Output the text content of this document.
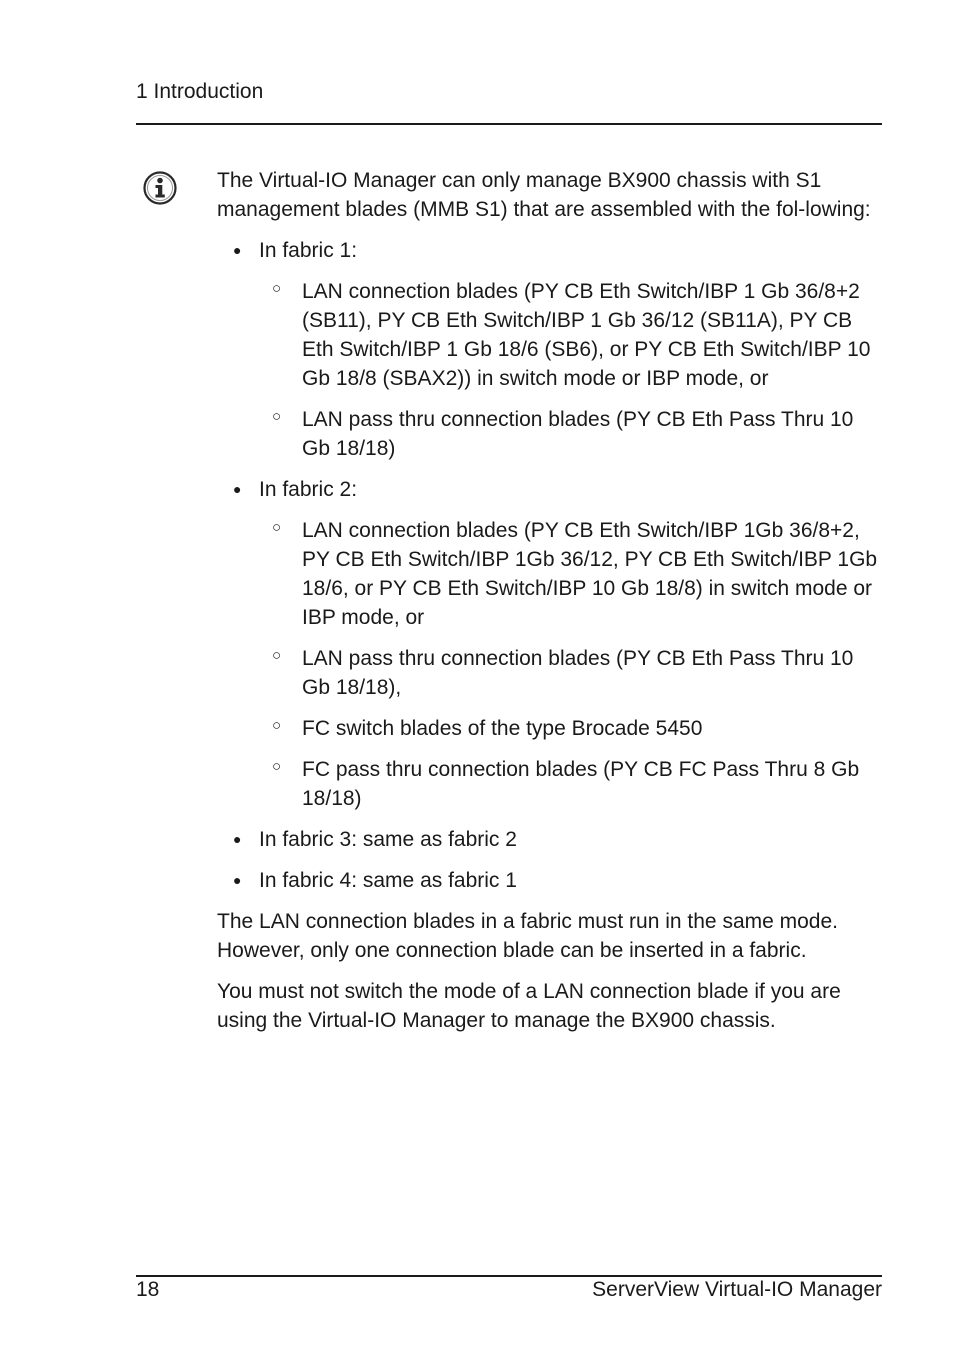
1 Introduction

The Virtual-IO Manager can only manage BX900 chassis with S1 management blades (MMB S1) that are assembled with the fol-lowing:

● In fabric 1:
○ LAN connection blades (PY CB Eth Switch/IBP 1 Gb 36/8+2 (SB11), PY CB Eth Switch/IBP 1 Gb 36/12 (SB11A), PY CB Eth Switch/IBP 1 Gb 18/6 (SB6), or PY CB Eth Switch/IBP 10 Gb 18/8 (SBAX2)) in switch mode or IBP mode, or
○ LAN pass thru connection blades (PY CB Eth Pass Thru 10 Gb 18/18)
● In fabric 2:
○ LAN connection blades (PY CB Eth Switch/IBP 1Gb 36/8+2, PY CB Eth Switch/IBP 1Gb 36/12, PY CB Eth Switch/IBP 1Gb 18/6, or PY CB Eth Switch/IBP 10 Gb 18/8) in switch mode or IBP mode, or
○ LAN pass thru connection blades (PY CB Eth Pass Thru 10 Gb 18/18),
○ FC switch blades of the type Brocade 5450
○ FC pass thru connection blades (PY CB FC Pass Thru 8 Gb 18/18)
● In fabric 3: same as fabric 2
● In fabric 4: same as fabric 1

The LAN connection blades in a fabric must run in the same mode. However, only one connection blade can be inserted in a fabric.

You must not switch the mode of a LAN connection blade if you are using the Virtual-IO Manager to manage the BX900 chassis.

18	ServerView Virtual-IO Manager
